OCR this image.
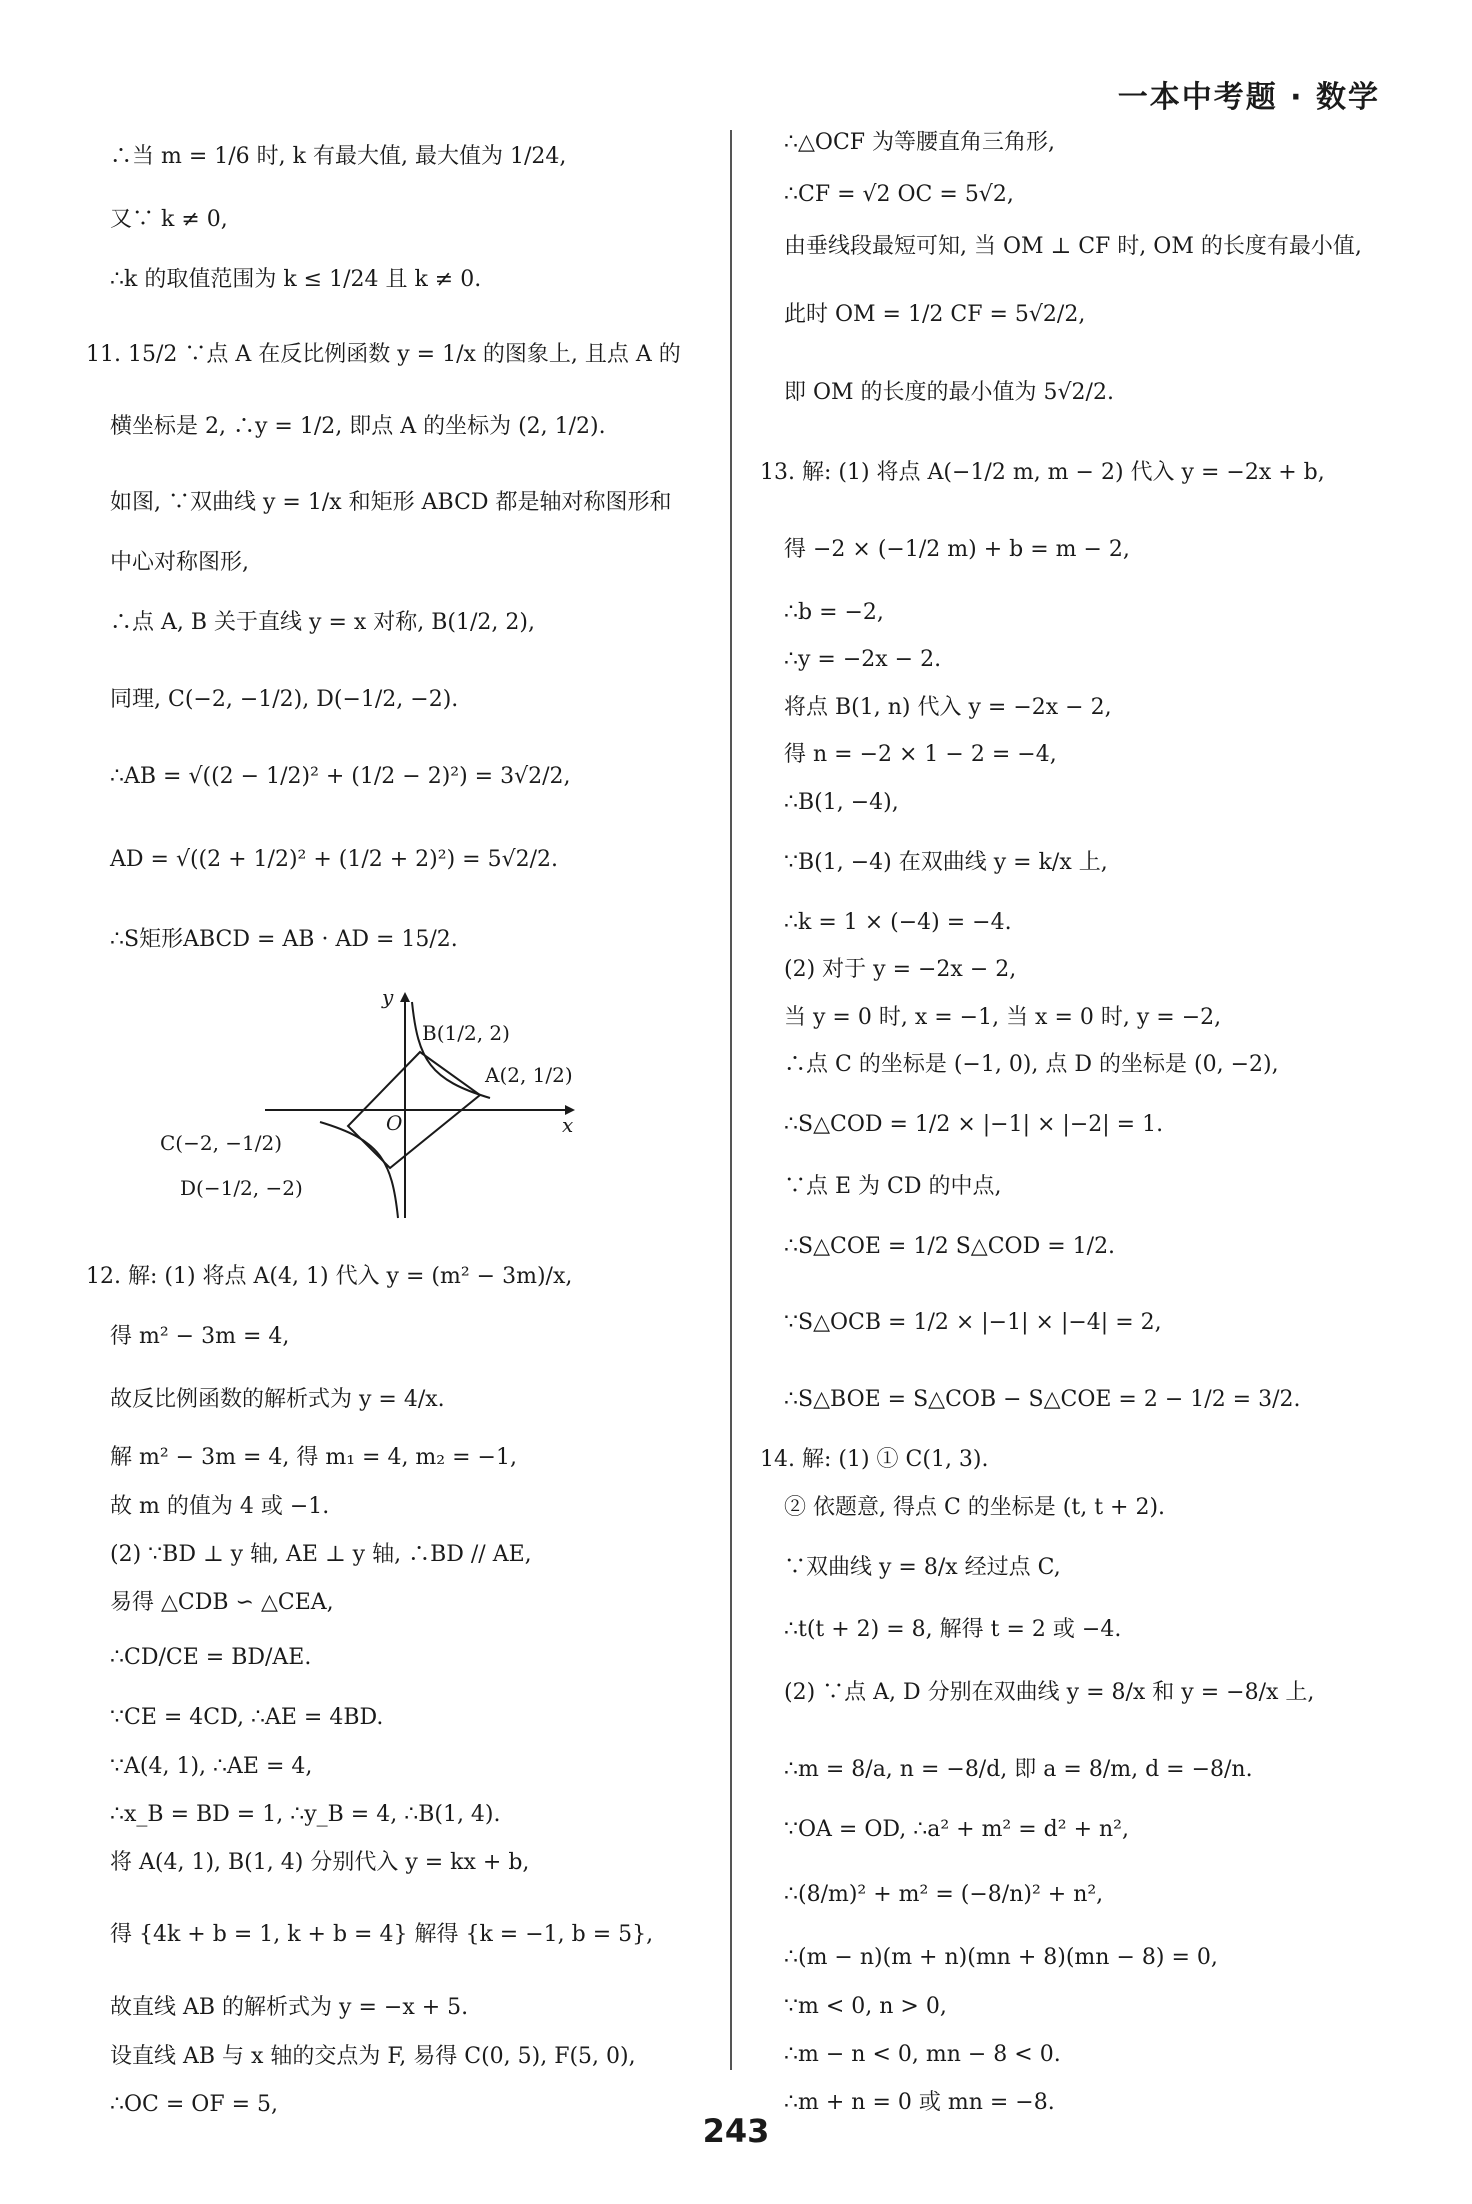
一本中考题 · 数学
∴当 m = 1/6 时, k 有最大值, 最大值为 1/24,
又∵ k ≠ 0,
∴k 的取值范围为 k ≤ 1/24 且 k ≠ 0.
11. 15/2 ∵点 A 在反比例函数 y = 1/x 的图象上, 且点 A 的
横坐标是 2, ∴y = 1/2, 即点 A 的坐标为 (2, 1/2).
如图, ∵双曲线 y = 1/x 和矩形 ABCD 都是轴对称图形和
中心对称图形,
∴点 A, B 关于直线 y = x 对称, B(1/2, 2),
同理, C(−2, −1/2), D(−1/2, −2).
∴AB = √((2 − 1/2)² + (1/2 − 2)²) = 3√2/2,
AD = √((2 + 1/2)² + (1/2 + 2)²) = 5√2/2.
∴S矩形ABCD = AB · AD = 15/2.
12. 解: (1) 将点 A(4, 1) 代入 y = (m² − 3m)/x,
得 m² − 3m = 4,
故反比例函数的解析式为 y = 4/x.
解 m² − 3m = 4, 得 m₁ = 4, m₂ = −1,
故 m 的值为 4 或 −1.
(2) ∵BD ⊥ y 轴, AE ⊥ y 轴, ∴BD // AE,
易得 △CDB ∽ △CEA,
∴CD/CE = BD/AE.
∵CE = 4CD, ∴AE = 4BD.
∵A(4, 1), ∴AE = 4,
∴x_B = BD = 1, ∴y_B = 4, ∴B(1, 4).
将 A(4, 1), B(1, 4) 分别代入 y = kx + b,
得 {4k + b = 1, k + b = 4} 解得 {k = −1, b = 5},
故直线 AB 的解析式为 y = −x + 5.
设直线 AB 与 x 轴的交点为 F, 易得 C(0, 5), F(5, 0),
∴OC = OF = 5,
∴△OCF 为等腰直角三角形,
∴CF = √2 OC = 5√2,
由垂线段最短可知, 当 OM ⊥ CF 时, OM 的长度有最小值,
此时 OM = 1/2 CF = 5√2/2,
即 OM 的长度的最小值为 5√2/2.
13. 解: (1) 将点 A(−1/2 m, m − 2) 代入 y = −2x + b,
得 −2 × (−1/2 m) + b = m − 2,
∴b = −2,
∴y = −2x − 2.
将点 B(1, n) 代入 y = −2x − 2,
得 n = −2 × 1 − 2 = −4,
∴B(1, −4),
∵B(1, −4) 在双曲线 y = k/x 上,
∴k = 1 × (−4) = −4.
(2) 对于 y = −2x − 2,
当 y = 0 时, x = −1, 当 x = 0 时, y = −2,
∴点 C 的坐标是 (−1, 0), 点 D 的坐标是 (0, −2),
∴S△COD = 1/2 × |−1| × |−2| = 1.
∵点 E 为 CD 的中点,
∴S△COE = 1/2 S△COD = 1/2.
∵S△OCB = 1/2 × |−1| × |−4| = 2,
∴S△BOE = S△COB − S△COE = 2 − 1/2 = 3/2.
14. 解: (1) ① C(1, 3).
② 依题意, 得点 C 的坐标是 (t, t + 2).
∵双曲线 y = 8/x 经过点 C,
∴t(t + 2) = 8, 解得 t = 2 或 −4.
(2) ∵点 A, D 分别在双曲线 y = 8/x 和 y = −8/x 上,
∴m = 8/a, n = −8/d, 即 a = 8/m, d = −8/n.
∵OA = OD, ∴a² + m² = d² + n²,
∴(8/m)² + m² = (−8/n)² + n²,
∴(m − n)(m + n)(mn + 8)(mn − 8) = 0,
∵m < 0, n > 0,
∴m − n < 0, mn − 8 < 0.
∴m + n = 0 或 mn = −8.
y
x
O
B(1/2, 2)
A(2, 1/2)
C(−2, −1/2)
D(−1/2, −2)
243
